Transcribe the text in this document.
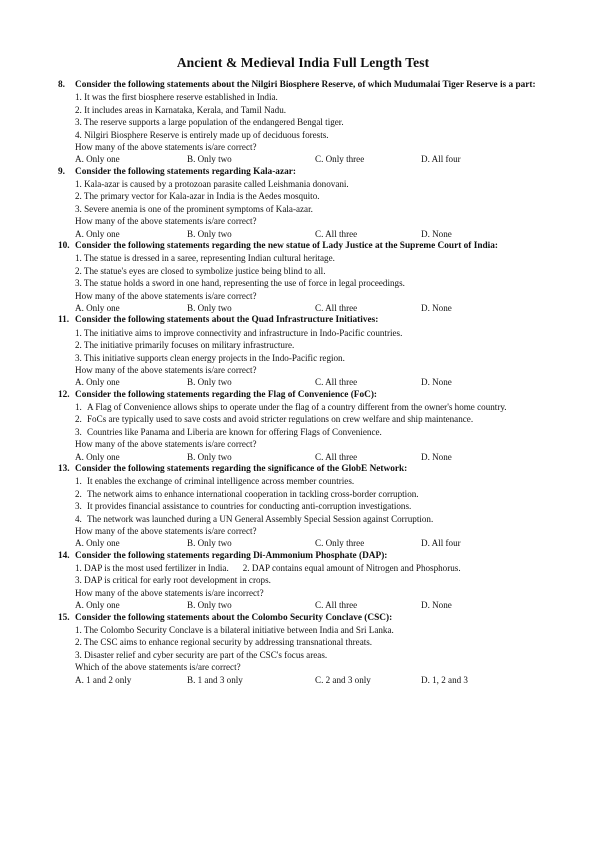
Ancient & Medieval India Full Length Test
8.	Consider the following statements about the Nilgiri Biosphere Reserve, of which Mudumalai Tiger Reserve is a part:
1. It was the first biosphere reserve established in India.
2. It includes areas in Karnataka, Kerala, and Tamil Nadu.
3. The reserve supports a large population of the endangered Bengal tiger.
4. Nilgiri Biosphere Reserve is entirely made up of deciduous forests.
How many of the above statements is/are correct?
A. Only one	B. Only two	C. Only three	D. All four
9.	Consider the following statements regarding Kala-azar:
1. Kala-azar is caused by a protozoan parasite called Leishmania donovani.
2. The primary vector for Kala-azar in India is the Aedes mosquito.
3. Severe anemia is one of the prominent symptoms of Kala-azar.
How many of the above statements is/are correct?
A. Only one	B. Only two	C. All three	D. None
10. Consider the following statements regarding the new statue of Lady Justice at the Supreme Court of India:
1. The statue is dressed in a saree, representing Indian cultural heritage.
2. The statue's eyes are closed to symbolize justice being blind to all.
3. The statue holds a sword in one hand, representing the use of force in legal proceedings.
How many of the above statements is/are correct?
A. Only one	B. Only two	C. All three	D. None
11. Consider the following statements about the Quad Infrastructure Initiatives:
1. The initiative aims to improve connectivity and infrastructure in Indo-Pacific countries.
2. The initiative primarily focuses on military infrastructure.
3. This initiative supports clean energy projects in the Indo-Pacific region.
How many of the above statements is/are correct?
A. Only one	B. Only two	C. All three	D. None
12. Consider the following statements regarding the Flag of Convenience (FoC):
1. A Flag of Convenience allows ships to operate under the flag of a country different from the owner's home country.
2. FoCs are typically used to save costs and avoid stricter regulations on crew welfare and ship maintenance.
3. Countries like Panama and Liberia are known for offering Flags of Convenience.
How many of the above statements is/are correct?
A. Only one	B. Only two	C. All three	D. None
13. Consider the following statements regarding the significance of the GlobE Network:
1. It enables the exchange of criminal intelligence across member countries.
2. The network aims to enhance international cooperation in tackling cross-border corruption.
3. It provides financial assistance to countries for conducting anti-corruption investigations.
4. The network was launched during a UN General Assembly Special Session against Corruption.
How many of the above statements is/are correct?
A. Only one	B. Only two	C. Only three	D. All four
14. Consider the following statements regarding Di-Ammonium Phosphate (DAP):
1. DAP is the most used fertilizer in India. 2. DAP contains equal amount of Nitrogen and Phosphorus.
3. DAP is critical for early root development in crops.
How many of the above statements is/are incorrect?
A. Only one	B. Only two	C. All three	D. None
15. Consider the following statements about the Colombo Security Conclave (CSC):
1. The Colombo Security Conclave is a bilateral initiative between India and Sri Lanka.
2. The CSC aims to enhance regional security by addressing transnational threats.
3. Disaster relief and cyber security are part of the CSC's focus areas.
Which of the above statements is/are correct?
A. 1 and 2 only	B. 1 and 3 only	C. 2 and 3 only	D. 1, 2 and 3
